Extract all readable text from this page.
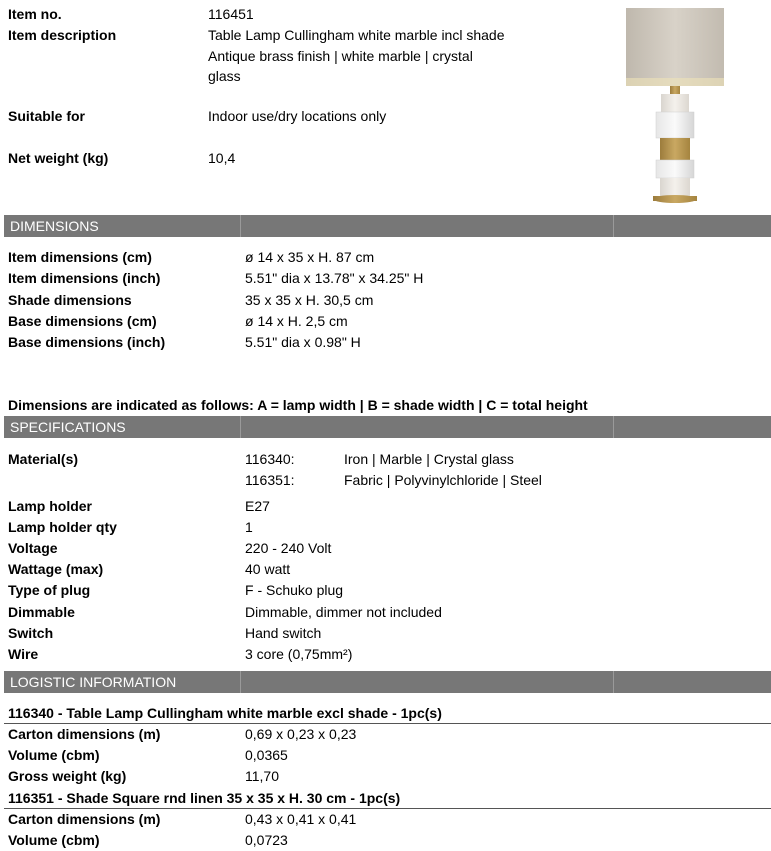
Item no.	116451
Item description	Table Lamp Cullingham white marble incl shade
Antique brass finish | white marble | crystal
glass
Suitable for	Indoor use/dry locations only
Net weight (kg)	10,4
DIMENSIONS
Item dimensions (cm)	ø 14 x 35 x H. 87 cm
Item dimensions (inch)	5.51" dia x 13.78" x 34.25" H
Shade dimensions	35 x 35 x H. 30,5 cm
Base dimensions (cm)	ø 14 x H. 2,5 cm
Base dimensions (inch)	5.51" dia x 0.98" H
Dimensions are indicated as follows: A = lamp width | B = shade width | C = total height
SPECIFICATIONS
Material(s)	116340:	Iron | Marble | Crystal glass
116351:	Fabric | Polyvinylchloride | Steel
Lamp holder	E27
Lamp holder qty	1
Voltage	220 - 240 Volt
Wattage (max)	40 watt
Type of plug	F - Schuko plug
Dimmable	Dimmable, dimmer not included
Switch	Hand switch
Wire	3 core (0,75mm²)
LOGISTIC INFORMATION
116340 - Table Lamp Cullingham white marble excl shade - 1pc(s)
Carton dimensions (m)	0,69 x 0,23 x 0,23
Volume (cbm)	0,0365
Gross weight (kg)	11,70
116351 - Shade Square rnd linen 35 x 35 x H. 30 cm - 1pc(s)
Carton dimensions (m)	0,43 x 0,41 x 0,41
Volume (cbm)	0,0723
